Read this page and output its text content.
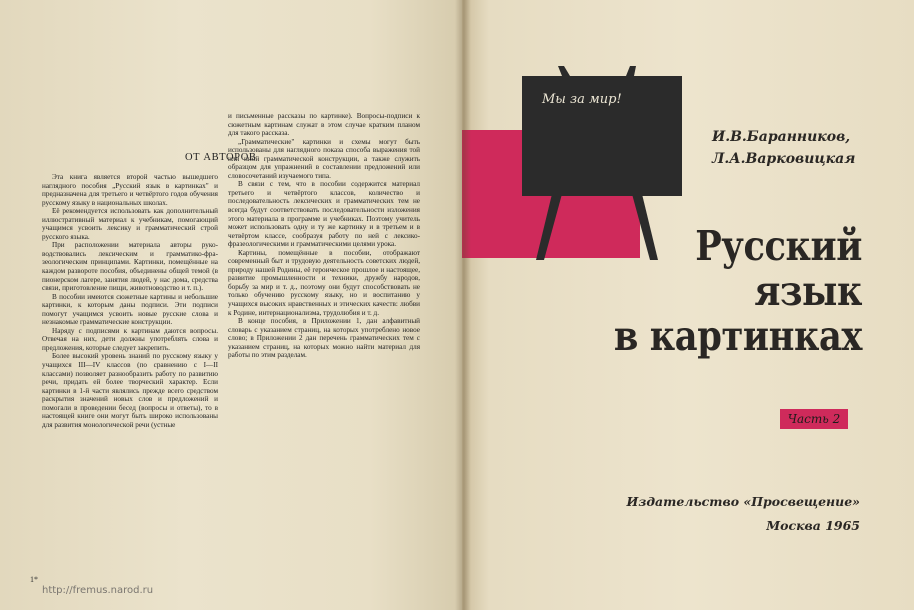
ОТ АВТОРОВ

Эта книга является второй частью вышедшего наглядного пособия „Русский язык в картинках" и предназначена для третьего и четвёртого годов обучения русскому языку в национальных школах.

Её рекомендуется использовать как дополнительный иллюстративный материал к учебникам, помогающий учащимся усвоить лексику и грамматический строй русского языка.

При расположении материала авторы руководствовались лексическим и грамматико-фразеологическим принципами. Картинки, помещённые на каждом развороте пособия, объединены общей темой (в пионерском лагере, занятия людей, у нас дома, средства связи, приготовление пищи, животноводство и т. п.).

В пособии имеются сюжетные картины и небольшие картинки, к которым даны подписи. Эти подписи помогут учащимся усвоить новые русские слова и незнакомые грамматические конструкции.

Наряду с подписями к картинам даются вопросы. Отвечая на них, дети должны употреблять слова и предложения, которые следует закрепить.

Более высокий уровень знаний по русскому языку у учащихся III—IV классов (по сравнению с I—II классами) позволяет разнообразить работу по развитию речи, придать ей более творческий характер. Если картинки в 1-й части являлись прежде всего средством раскрытия значений новых слов и предложений и помогали в проведении бесед (вопросы и ответы), то в настоящей книге они могут быть широко использованы для развития монологической речи (устные

и письменные рассказы по картинке). Вопросы-подписи к сюжетным картинам служат в этом случае кратким планом для такого рассказа.

„Грамматические" картинки и схемы могут быть использованы для наглядного показа способа выражения той или иной грамматической конструкции, а также служить образцом для упражнений в составлении предложений или словосочетаний изучаемого типа.

В связи с тем, что в пособии содержится материал третьего и четвёртого классов, количество и последовательность лексических и грамматических тем не всегда будут соответствовать последовательности изложения этого материала в программе и учебниках. Поэтому учитель может использовать одну и ту же картинку и в третьем и в четвёртом классе, сообразуя работу по ней с лексико-фразеологическими и грамматическими целями урока.

Картины, помещённые в пособии, отображают современный быт и трудовую деятельность советских людей, природу нашей Родины, её героическое прошлое и настоящее, развитие промышленности и техники, дружбу народов, борьбу за мир и т. д., поэтому они будут способствовать не только обучению русскому языку, но и воспитанию у учащихся высоких нравственных и этических качеств: любви к Родине, интернационализма, трудолюбия и т. д.

В конце пособия, в Приложении 1, дан алфавитный словарь с указанием страниц, на которых употреблено новое слово; в Приложении 2 дан перечень грамматических тем с указанием страниц, на которых можно найти материал для работы по этим разделам.

1*
http://fremus.narod.ru
Мы за мир!
И.В.Баранников,
Л.А.Варковицкая
Русский
язык
в картинках
Часть 2
Издательство «Просвещение»
Москва 1965
